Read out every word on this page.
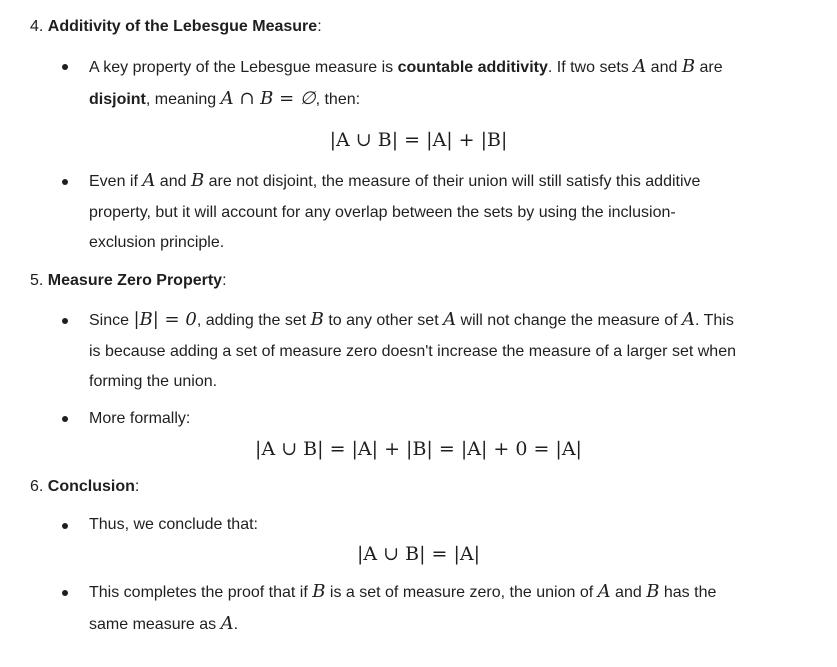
4. Additivity of the Lebesgue Measure:
A key property of the Lebesgue measure is countable additivity. If two sets A and B are
disjoint, meaning A ∩ B = ∅, then:
|A ∪ B| = |A| + |B|
Even if A and B are not disjoint, the measure of their union will still satisfy this additive
property, but it will account for any overlap between the sets by using the inclusion-
exclusion principle.
5. Measure Zero Property:
Since |B| = 0, adding the set B to any other set A will not change the measure of A. This
is because adding a set of measure zero doesn't increase the measure of a larger set when
forming the union.
More formally:
|A ∪ B| = |A| + |B| = |A| + 0 = |A|
6. Conclusion:
Thus, we conclude that:
|A ∪ B| = |A|
This completes the proof that if B is a set of measure zero, the union of A and B has the
same measure as A.
